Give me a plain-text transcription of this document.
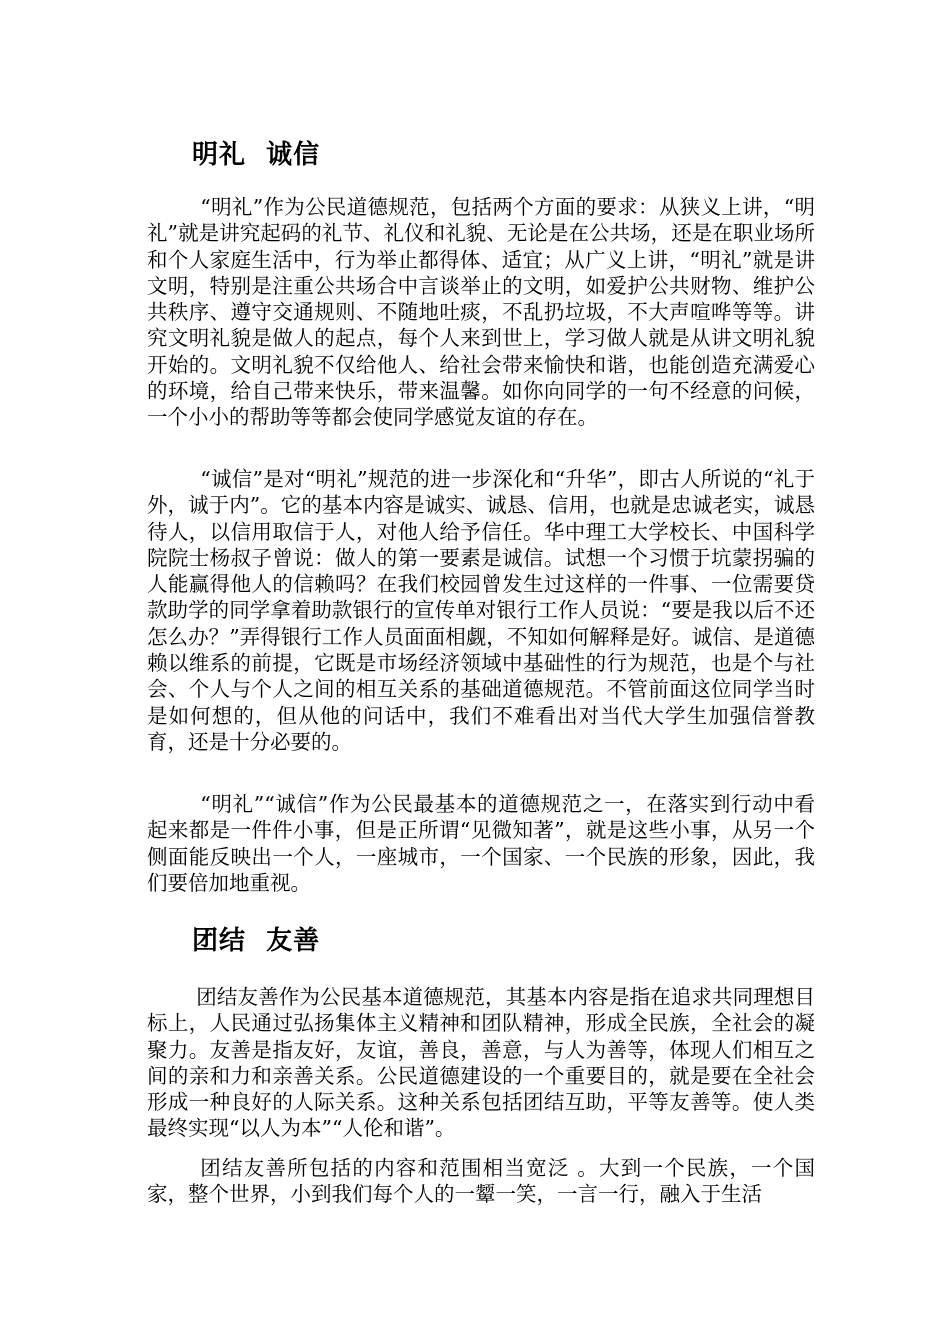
明礼  诚信

“明礼”作为公民道德规范，包括两个方面的要求：从狭义上讲，“明礼”就是讲究起码的礼节、礼仪和礼貌、无论是在公共场，还是在职业场所和个人家庭生活中，行为举止都得体、适宜；从广义上讲，“明礼”就是讲文明，特别是注重公共场合中言谈举止的文明，如爱护公共财物、维护公共秩序、遵守交通规则、不随地吐痰，不乱扔垃圾，不大声喧哗等等。讲究文明礼貌是做人的起点，每个人来到世上，学习做人就是从讲文明礼貌开始的。文明礼貌不仅给他人、给社会带来愉快和谐，也能创造充满爱心的环境，给自己带来快乐，带来温馨。如你向同学的一句不经意的问候，一个小小的帮助等等都会使同学感觉友谊的存在。

“诚信”是对“明礼”规范的进一步深化和“升华”，即古人所说的“礼于外，诚于内”。它的基本内容是诚实、诚恳、信用，也就是忠诚老实，诚恳待人，以信用取信于人，对他人给予信任。华中理工大学校长、中国科学院院士杨叔子曾说：做人的第一要素是诚信。试想一个习惯于坑蒙拐骗的人能赢得他人的信赖吗？在我们校园曾发生过这样的一件事、一位需要贷款助学的同学拿着助款银行的宣传单对银行工作人员说：“要是我以后不还怎么办？”弄得银行工作人员面面相觑，不知如何解释是好。诚信、是道德赖以维系的前提，它既是市场经济领域中基础性的行为规范，也是个与社会、个人与个人之间的相互关系的基础道德规范。不管前面这位同学当时是如何想的，但从他的问话中，我们不难看出对当代大学生加强信誉教育，还是十分必要的。

“明礼”“诚信”作为公民最基本的道德规范之一，在落实到行动中看起来都是一件件小事，但是正所谓“见微知著”，就是这些小事，从另一个侧面能反映出一个人，一座城市，一个国家、一个民族的形象，因此，我们要倍加地重视。

团结  友善

团结友善作为公民基本道德规范，其基本内容是指在追求共同理想目标上，人民通过弘扬集体主义精神和团队精神，形成全民族，全社会的凝聚力。友善是指友好，友谊，善良，善意，与人为善等，体现人们相互之间的亲和力和亲善关系。公民道德建设的一个重要目的，就是要在全社会形成一种良好的人际关系。这种关系包括团结互助，平等友善等。使人类最终实现“以人为本”“人伦和谐”。

团结友善所包括的内容和范围相当宽泛 。大到一个民族，一个国家，整个世界，小到我们每个人的一颦一笑，一言一行，融入于生活
